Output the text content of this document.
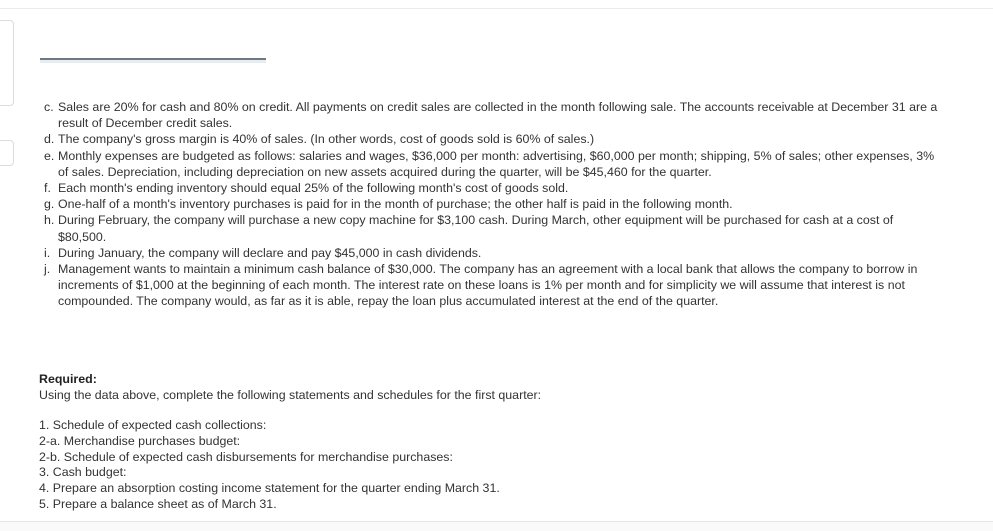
c. Sales are 20% for cash and 80% on credit. All payments on credit sales are collected in the month following sale. The accounts receivable at December 31 are a result of December credit sales.
d. The company's gross margin is 40% of sales. (In other words, cost of goods sold is 60% of sales.)
e. Monthly expenses are budgeted as follows: salaries and wages, $36,000 per month: advertising, $60,000 per month; shipping, 5% of sales; other expenses, 3% of sales. Depreciation, including depreciation on new assets acquired during the quarter, will be $45,460 for the quarter.
f. Each month's ending inventory should equal 25% of the following month's cost of goods sold.
g. One-half of a month's inventory purchases is paid for in the month of purchase; the other half is paid in the following month.
h. During February, the company will purchase a new copy machine for $3,100 cash. During March, other equipment will be purchased for cash at a cost of $80,500.
i. During January, the company will declare and pay $45,000 in cash dividends.
j. Management wants to maintain a minimum cash balance of $30,000. The company has an agreement with a local bank that allows the company to borrow in increments of $1,000 at the beginning of each month. The interest rate on these loans is 1% per month and for simplicity we will assume that interest is not compounded. The company would, as far as it is able, repay the loan plus accumulated interest at the end of the quarter.
Required:
Using the data above, complete the following statements and schedules for the first quarter:
1. Schedule of expected cash collections:
2-a. Merchandise purchases budget:
2-b. Schedule of expected cash disbursements for merchandise purchases:
3. Cash budget:
4. Prepare an absorption costing income statement for the quarter ending March 31.
5. Prepare a balance sheet as of March 31.
